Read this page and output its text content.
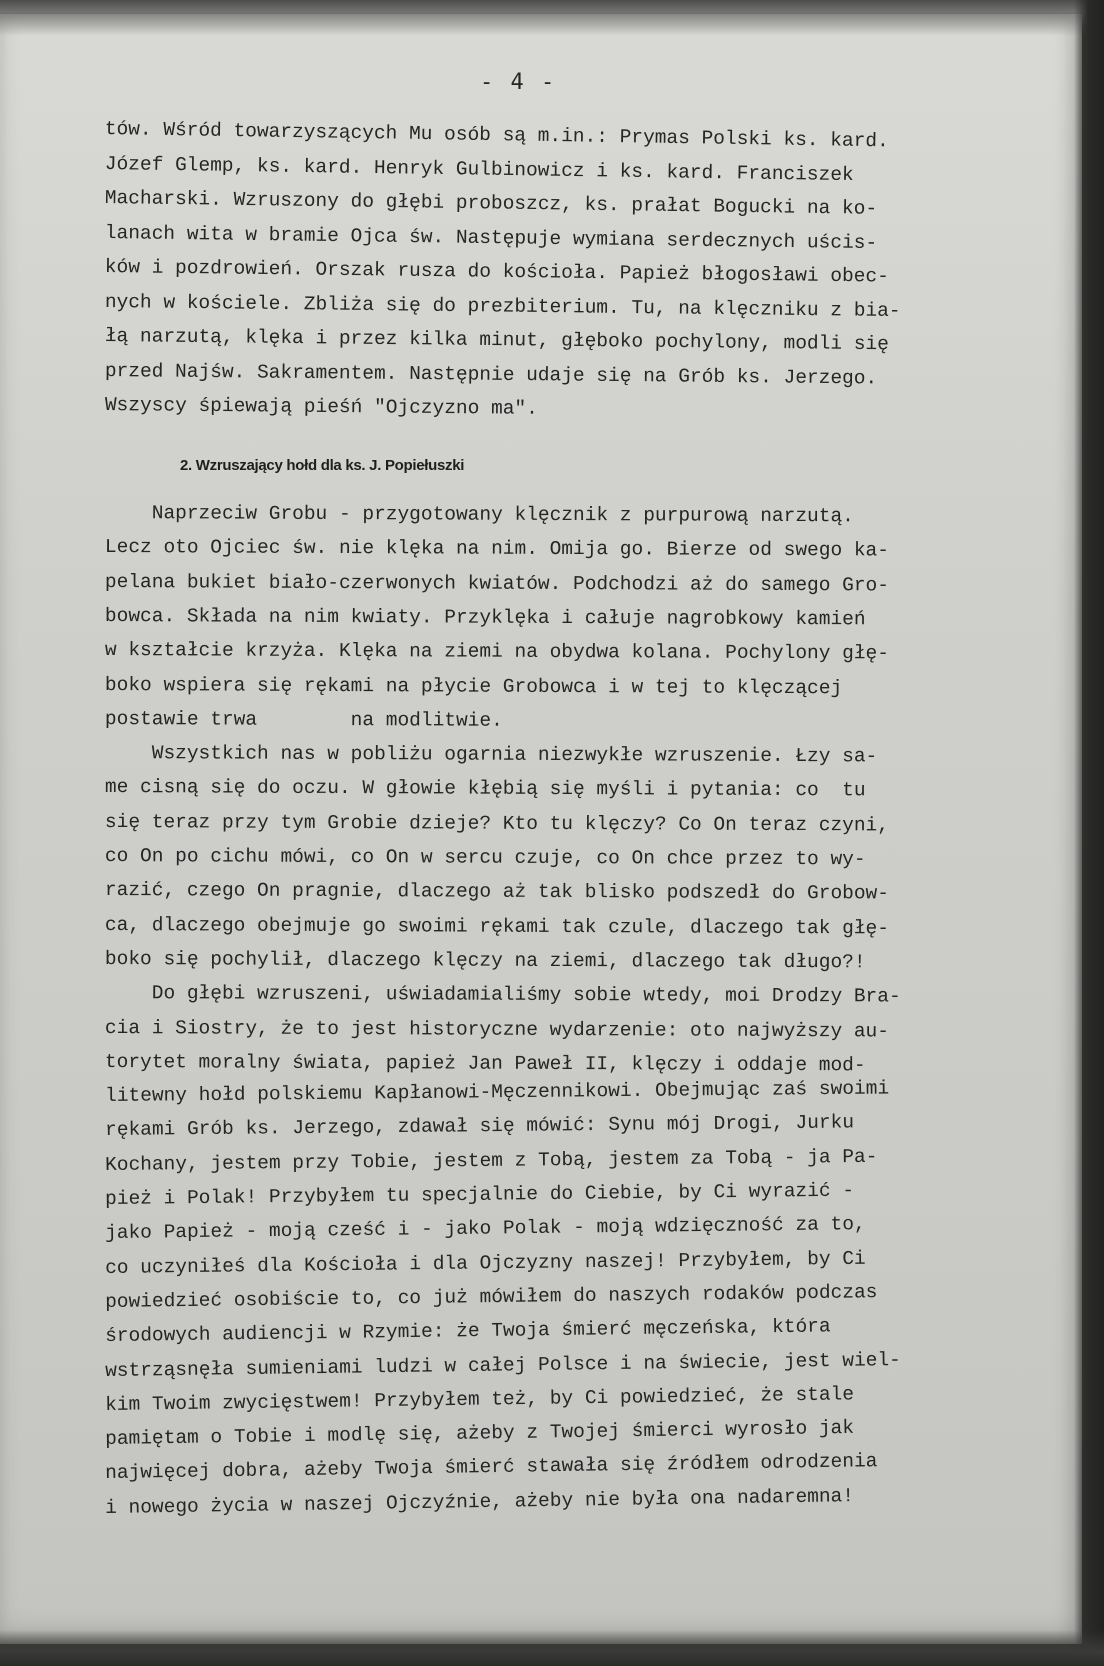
- 4 -
tów. Wśród towarzyszących Mu osób są m.in.: Prymas Polski ks. kard.
Józef Glemp, ks. kard. Henryk Gulbinowicz i ks. kard. Franciszek
Macharski. Wzruszony do głębi proboszcz, ks. prałat Bogucki na ko-
lanach wita w bramie Ojca św. Następuje wymiana serdecznych uścis-
ków i pozdrowień. Orszak rusza do kościoła. Papież błogosławi obec-
nych w kościele. Zbliża się do prezbiterium. Tu, na klęczniku z bia-
łą narzutą, klęka i przez kilka minut, głęboko pochylony, modli się
przed Najśw. Sakramentem. Następnie udaje się na Grób ks. Jerzego.
Wszyscy śpiewają pieśń "Ojczyzno ma".
2. Wzruszający hołd dla ks. J. Popiełuszki
Naprzeciw Grobu - przygotowany klęcznik z purpurową narzutą.
Lecz oto Ojciec św. nie klęka na nim. Omija go. Bierze od swego ka-
pelana bukiet biało-czerwonych kwiatów. Podchodzi aż do samego Gro-
bowca. Składa na nim kwiaty. Przyklęka i całuje nagrobkowy kamień
w kształcie krzyża. Klęka na ziemi na obydwa kolana. Pochylony głę-
boko wspiera się rękami na płycie Grobowca i w tej to klęczącej
postawie trwa        na modlitwie.
Wszystkich nas w pobliżu ogarnia niezwykłe wzruszenie. Łzy sa-
me cisną się do oczu. W głowie kłębią się myśli i pytania: co  tu
się teraz przy tym Grobie dzieje? Kto tu klęczy? Co On teraz czyni,
co On po cichu mówi, co On w sercu czuje, co On chce przez to wy-
razić, czego On pragnie, dlaczego aż tak blisko podszedł do Grobow-
ca, dlaczego obejmuje go swoimi rękami tak czule, dlaczego tak głę-
boko się pochylił, dlaczego klęczy na ziemi, dlaczego tak długo?!
Do głębi wzruszeni, uświadamialiśmy sobie wtedy, moi Drodzy Bra-
cia i Siostry, że to jest historyczne wydarzenie: oto najwyższy au-
torytet moralny świata, papież Jan Paweł II, klęczy i oddaje mod-
litewny hołd polskiemu Kapłanowi-Męczennikowi. Obejmując zaś swoimi
rękami Grób ks. Jerzego, zdawał się mówić: Synu mój Drogi, Jurku
Kochany, jestem przy Tobie, jestem z Tobą, jestem za Tobą - ja Pa-
pież i Polak! Przybyłem tu specjalnie do Ciebie, by Ci wyrazić -
jako Papież - moją cześć i - jako Polak - moją wdzięczność za to,
co uczyniłeś dla Kościoła i dla Ojczyzny naszej! Przybyłem, by Ci
powiedzieć osobiście to, co już mówiłem do naszych rodaków podczas
środowych audiencji w Rzymie: że Twoja śmierć męczeńska, która
wstrząsnęła sumieniami ludzi w całej Polsce i na świecie, jest wiel-
kim Twoim zwycięstwem! Przybyłem też, by Ci powiedzieć, że stale
pamiętam o Tobie i modlę się, ażeby z Twojej śmierci wyrosło jak
najwięcej dobra, ażeby Twoja śmierć stawała się źródłem odrodzenia
i nowego życia w naszej Ojczyźnie, ażeby nie była ona nadaremna!
